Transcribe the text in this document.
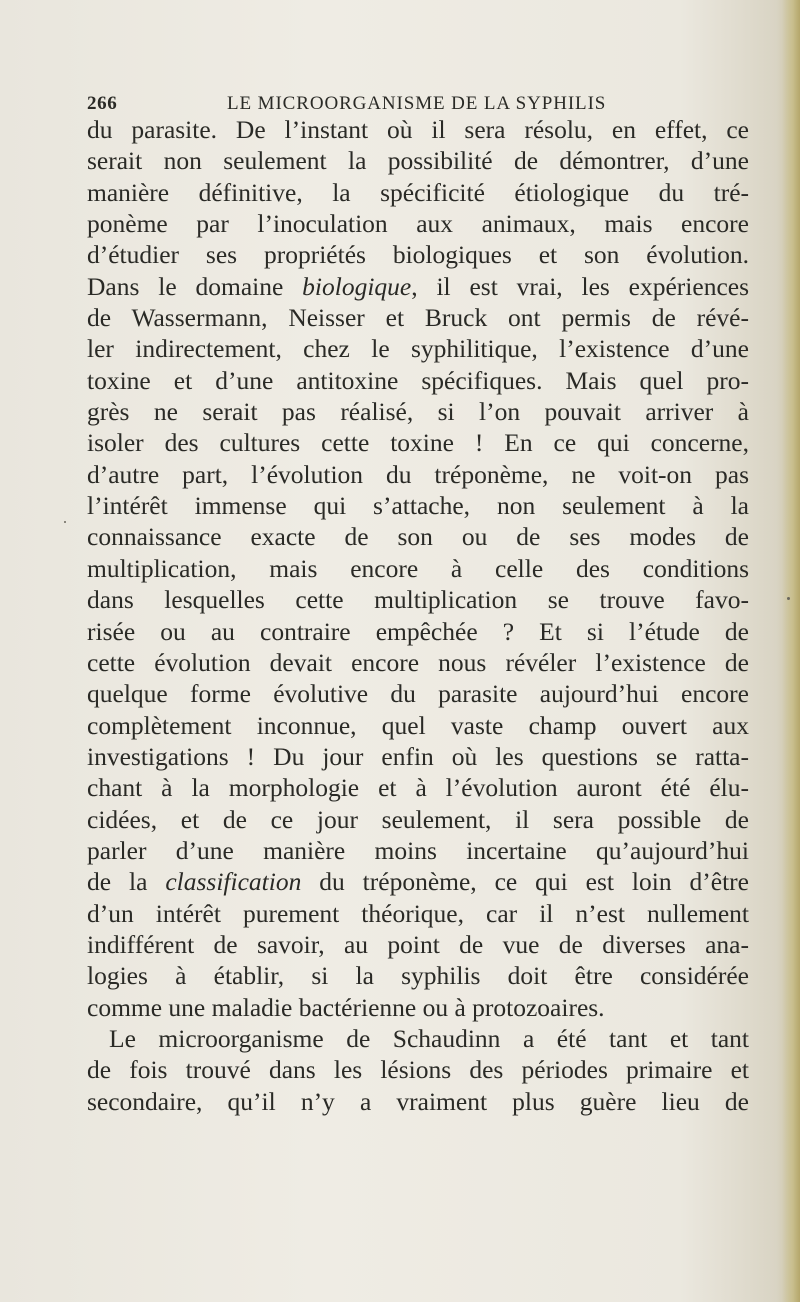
266	LE MICROORGANISME DE LA SYPHILIS
du parasite. De l’instant où il sera résolu, en effet, ce
serait non seulement la possibilité de démontrer, d’une
manière définitive, la spécificité étiologique du tré-
ponème par l’inoculation aux animaux, mais encore
d’étudier ses propriétés biologiques et son évolution.
Dans le domaine biologique, il est vrai, les expériences
de Wassermann, Neisser et Bruck ont permis de révé-
ler indirectement, chez le syphilitique, l’existence d’une
toxine et d’une antitoxine spécifiques. Mais quel pro-
grès ne serait pas réalisé, si l’on pouvait arriver à
isoler des cultures cette toxine ! En ce qui concerne,
d’autre part, l’évolution du tréponème, ne voit-on pas
l’intérêt immense qui s’attache, non seulement à la
connaissance exacte de son ou de ses modes de
multiplication, mais encore à celle des conditions
dans lesquelles cette multiplication se trouve favo-
risée ou au contraire empêchée ? Et si l’étude de
cette évolution devait encore nous révéler l’existence de
quelque forme évolutive du parasite aujourd’hui encore
complètement inconnue, quel vaste champ ouvert aux
investigations ! Du jour enfin où les questions se ratta-
chant à la morphologie et à l’évolution auront été élu-
cidées, et de ce jour seulement, il sera possible de
parler d’une manière moins incertaine qu’aujourd’hui
de la classification du tréponème, ce qui est loin d’être
d’un intérêt purement théorique, car il n’est nullement
indifférent de savoir, au point de vue de diverses ana-
logies à établir, si la syphilis doit être considérée
comme une maladie bactérienne ou à protozoaires.
Le microorganisme de Schaudinn a été tant et tant
de fois trouvé dans les lésions des périodes primaire et
secondaire, qu’il n’y a vraiment plus guère lieu de
